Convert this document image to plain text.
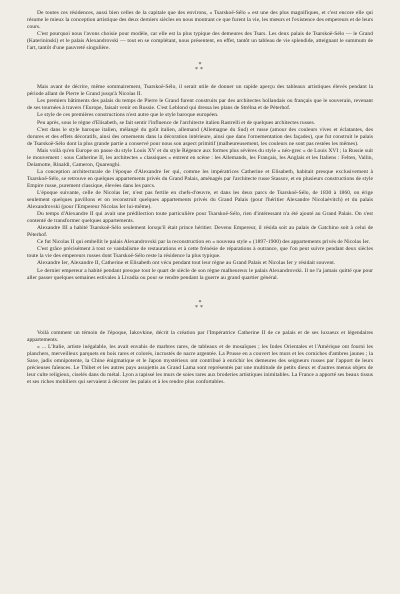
De toutes ces résidences, aussi bien celles de la capitale que des environs, « Tsarskoë-Sélo » est une des plus magnifiques, et c'est encore elle qui résume le mieux la conception artistique des deux derniers siècles en nous montrant ce que furent la vie, les mœurs et l'existence des empereurs et de leurs cours.

C'est pourquoi nous l'avons choisie pour modèle, car elle est la plus typique des demeures des Tsars. Les deux palais de Tsarskoë-Sélo — le Grand (Katerininski) et le palais Alexandrovski — tout en se complétant, nous présentent, en effet, tantôt un tableau de vie splendide, atteignant le summum de l'art, tantôt d'une pauvreté singulière.

*
**

Mais avant de décrire, même sommairement, Tsarskoë-Sélo, il serait utile de donner un rapide aperçu des tableaux artistiques élevés pendant la période allant de Pierre le Grand jusqu'à Nicolas II.

Les premiers bâtiments des palais du temps de Pierre le Grand furent construits par des architectes hollandais ou français que le souverain, revenant de ses tournées à travers l'Europe, faisait venir en Russie. C'est Leblond qui dressa les plans de Strélna et de Péterhof.

Le style de ces premières constructions n'est autre que le style baroque européen.

Peu après, sous le règne d'Elisabeth, se fait sentir l'influence de l'architecte italien Rastrelli et de quelques architectes russes.

C'est dans le style baroque italien, mélangé du goût italien, allemand (Allemagne du Sud) et russe (amour des couleurs vives et éclatantes, des dorures et des effets décoratifs, ainsi des ornements dans la décoration intérieure, ainsi que dans l'ornementation des façades), que fut construit le palais de Tsarskoë-Sélo dont la plus grande partie a conservé pour nous son aspect primitif (malheureusement, les couleurs ne sont pas restées les mêmes).

Mais voilà qu'en Europe on passe du style Louis XV et du style Régence aux formes plus sévères du style « néo-grec » de Louis XVI ; la Russie suit le mouvement : sous Catherine II, les architectes « classiques » entrent en scène : les Allemands, les Français, les Anglais et les Italiens : Felten, Vallin, Delamotte, Rinaldi, Cameron, Quarenghi.

La conception architecturale de l'époque d'Alexandre Ier qui, comme les impératrices Catherine et Elisabeth, habitait presque exclusivement à Tsarskoë-Sélo, se retrouve en quelques appartements privés du Grand Palais, aménagés par l'architecte russe Stassov, et en plusieurs constructions de style Empire russe, purement classique, élevées dans les parcs.

L'époque suivante, celle de Nicolas Ier, n'est pas fertile en chefs-d'œuvre, et dans les deux parcs de Tsarskoë-Sélo, de 1830 à 1860, on érige seulement quelques pavillons et on reconstruit quelques appartements privés du Grand Palais (pour l'héritier Alexandre Nicolaévitch) et du palais Alexandrovski (pour l'Empereur Nicolas Ier lui-même).

Du temps d'Alexandre II qui avait une prédilection toute particulière pour Tsarskoë-Sélo, rien d'intéressant n'a été ajouté au Grand Palais. On s'est contenté de transformer quelques appartements.

Alexandre III a habité Tsarskoë-Sélo seulement lorsqu'il était prince héritier. Devenu Empereur, il résida soit au palais de Gatchino soit à celui de Péterhof.

Ce fut Nicolas II qui embellit le palais Alexandrovski par la reconstruction en « nouveau style » (1897-1900) des appartements privés de Nicolas Ier.

C'est grâce précisément à tout ce vandalisme de restaurations et à cette frénésie de réparations à outrance, que l'on peut suivre pendant deux siècles toute la vie des empereurs russes dont Tsarskoë-Sélo reste la résidence la plus typique.

Alexandre Ier, Alexandre II, Catherine et Elisabeth ont vécu pendant tout leur règne au Grand Palais et Nicolas Ier y résidait souvent.

Le dernier empereur a habité pendant presque tout le quart de siècle de son règne malheureux le palais Alexandrovski. Il ne l'a jamais quitté que pour aller passer quelques semaines estivales à Livadia ou pour se rendre pendant la guerre au grand quartier général.

*
**

Voilà comment un témoin de l'époque, Iakovkine, décrit la création par l'Impératrice Catherine II de ce palais et de ses luxueux et légendaires appartements.

« ... L'Italie, artiste inégalable, les avait envahis de marbres rares, de tableaux et de mosaïques ; les Indes Orientales et l'Amérique ont fourni les planchers, merveilleux parquets en bois rares et colorés, incrustés de nacre argentée. La Prusse en a couvert les murs et les corniches d'ambres jaunes ; la Saxe, jadis omnipotente, la Chine énigmatique et le Japon mystérieux ont contribué à enrichir les demeures des seigneurs russes par l'apport de leurs précieuses faïences. Le Thibet et les autres pays assujettis au Grand Lama sont représentés par une multitude de petits dieux et d'autres menus objets de leur culte religieux, ciselés dans du métal. Lyon a tapissé les murs de soies rares aux broderies artistiques inimitables. La France a apporté ses beaux tissus et ses riches mobiliers qui servaient à décorer les palais et à les rendre plus confortables.
